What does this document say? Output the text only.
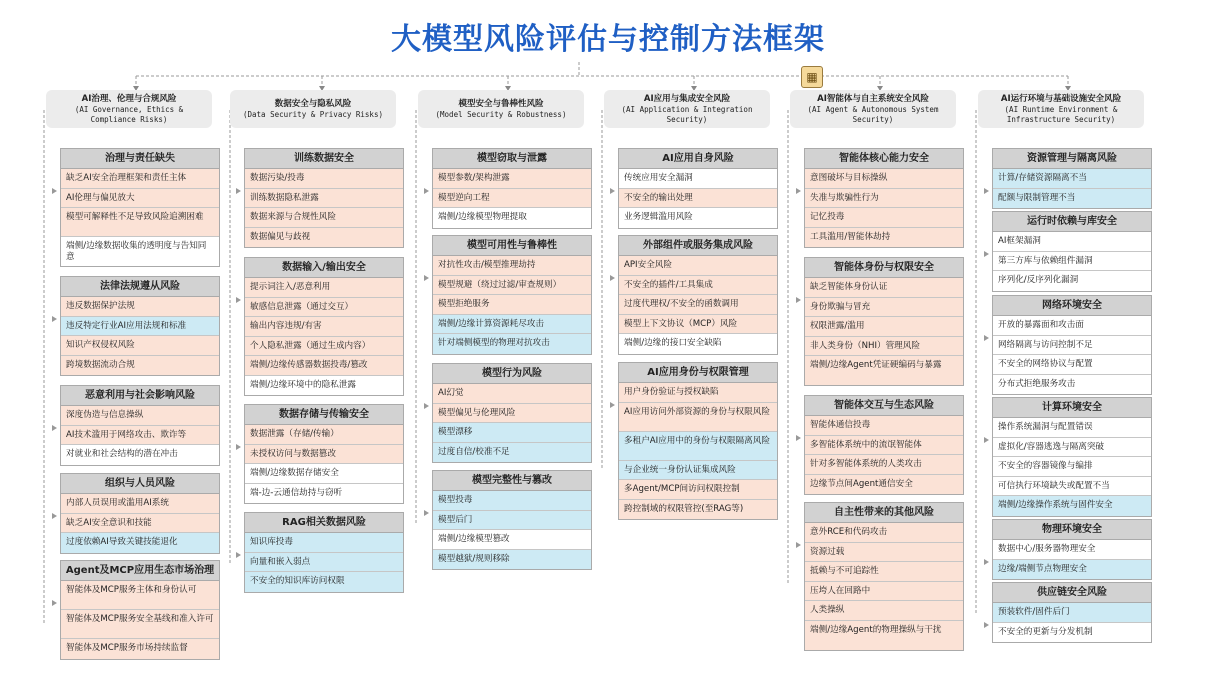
大模型风险评估与控制方法框架
▦
AI治理、伦理与合规风险
(AI Governance, Ethics & Compliance Risks)
数据安全与隐私风险
(Data Security & Privacy Risks)
模型安全与鲁棒性风险
(Model Security & Robustness)
AI应用与集成安全风险
(AI Application & Integration Security)
AI智能体与自主系统安全风险
(AI Agent & Autonomous System Security)
AI运行环境与基础设施安全风险
(AI Runtime Environment & Infrastructure Security)
治理与责任缺失
缺乏AI安全治理框架和责任主体
AI伦理与偏见放大
模型可解释性不足导致风险追溯困难
端侧/边缘数据收集的透明度与告知同意
法律法规遵从风险
违反数据保护法规
违反特定行业AI应用法规和标准
知识产权侵权风险
跨境数据流动合规
恶意利用与社会影响风险
深度伪造与信息操纵
AI技术滥用于网络攻击、欺诈等
对就业和社会结构的潜在冲击
组织与人员风险
内部人员误用或滥用AI系统
缺乏AI安全意识和技能
过度依赖AI导致关键技能退化
Agent及MCP应用生态市场治理
智能体及MCP服务主体和身份认可
智能体及MCP服务安全基线和准入许可
智能体及MCP服务市场持续监督
训练数据安全
数据污染/投毒
训练数据隐私泄露
数据来源与合规性风险
数据偏见与歧视
数据输入/输出安全
提示词注入/恶意利用
敏感信息泄露（通过交互）
输出内容违规/有害
个人隐私泄露（通过生成内容）
端侧/边缘传感器数据投毒/篡改
端侧/边缘环境中的隐私泄露
数据存储与传输安全
数据泄露（存储/传输）
未授权访问与数据篡改
端侧/边缘数据存储安全
端-边-云通信劫持与窃听
RAG相关数据风险
知识库投毒
向量和嵌入弱点
不安全的知识库访问权限
模型窃取与泄露
模型参数/架构泄露
模型逆向工程
端侧/边缘模型物理提取
模型可用性与鲁棒性
对抗性攻击/模型推理劫持
模型规避（绕过过滤/审查规则）
模型拒绝服务
端侧/边缘计算资源耗尽攻击
针对端侧模型的物理对抗攻击
模型行为风险
AI幻觉
模型偏见与伦理风险
模型漂移
过度自信/校准不足
模型完整性与篡改
模型投毒
模型后门
端侧/边缘模型篡改
模型越狱/规则移除
AI应用自身风险
传统应用安全漏洞
不安全的输出处理
业务逻辑滥用风险
外部组件或服务集成风险
API安全风险
不安全的插件/工具集成
过度代理权/不安全的函数调用
模型上下文协议（MCP）风险
端侧/边缘的接口安全缺陷
AI应用身份与权限管理
用户身份验证与授权缺陷
AI应用访问外部资源的身份与权限风险
多租户AI应用中的身份与权限隔离风险
与企业统一身份认证集成风险
多Agent/MCP间访问权限控制
跨控制域的权限管控(至RAG等)
智能体核心能力安全
意图破坏与目标操纵
失准与欺骗性行为
记忆投毒
工具滥用/智能体劫持
智能体身份与权限安全
缺乏智能体身份认证
身份欺骗与冒充
权限泄露/滥用
非人类身份（NHI）管理风险
端侧/边缘Agent凭证硬编码与暴露
智能体交互与生态风险
智能体通信投毒
多智能体系统中的流氓智能体
针对多智能体系统的人类攻击
边缘节点间Agent通信安全
自主性带来的其他风险
意外RCE和代码攻击
资源过载
抵赖与不可追踪性
压垮人在回路中
人类操纵
端侧/边缘Agent的物理操纵与干扰
资源管理与隔离风险
计算/存储资源隔离不当
配额与限制管理不当
运行时依赖与库安全
AI框架漏洞
第三方库与依赖组件漏洞
序列化/反序列化漏洞
网络环境安全
开放的暴露面和攻击面
网络隔离与访问控制不足
不安全的网络协议与配置
分布式拒绝服务攻击
计算环境安全
操作系统漏洞与配置错误
虚拟化/容器逃逸与隔离突破
不安全的容器镜像与编排
可信执行环境缺失或配置不当
端侧/边缘操作系统与固件安全
物理环境安全
数据中心/服务器物理安全
边缘/端侧节点物理安全
供应链安全风险
预装软件/固件后门
不安全的更新与分发机制
